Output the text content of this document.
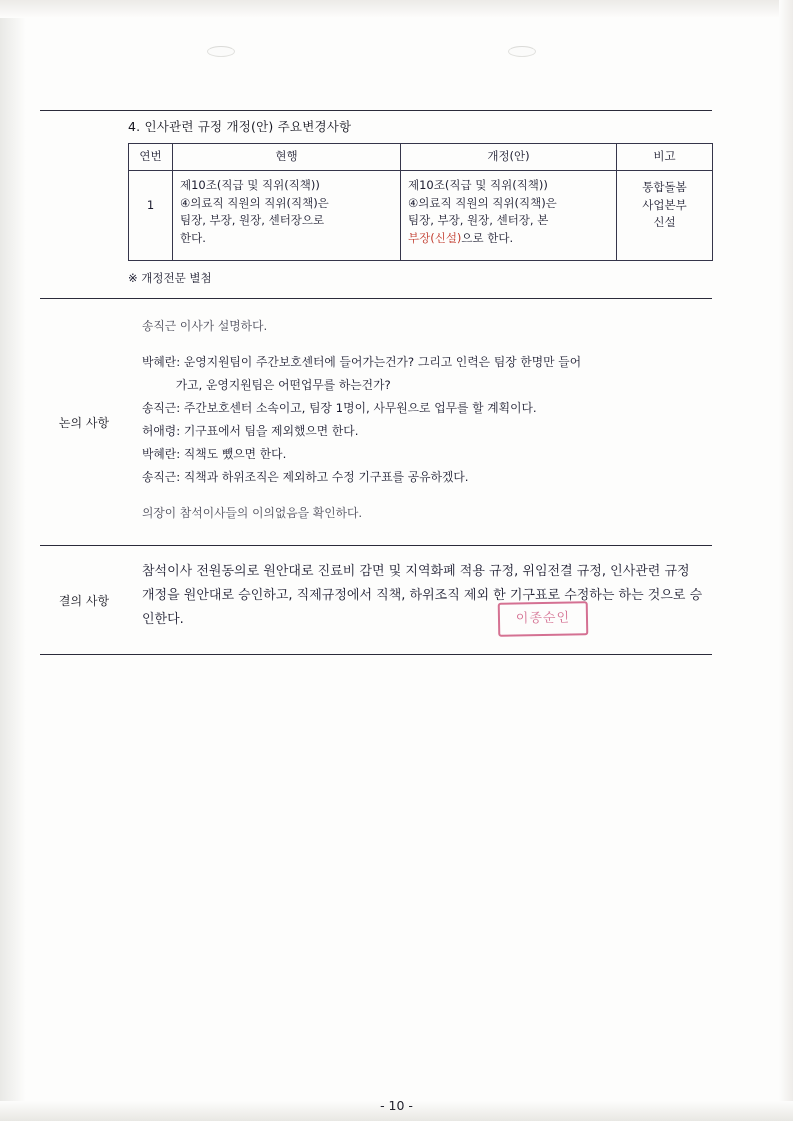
4. 인사관련 규정 개정(안) 주요변경사항
연번	현행	개정(안)	비고
1	제10조(직급 및 직위(직책))
④의료직 직원의 직위(직책)은
팀장, 부장, 원장, 센터장으로
한다.	제10조(직급 및 직위(직책))
④의료직 직원의 직위(직책)은
팀장, 부장, 원장, 센터장, 본
부장(신설)으로 한다.	통합돌봄
사업본부
신설
※ 개정전문 별첨
논의 사항
송직근 이사가 설명하다.
박혜란: 운영지원팀이 주간보호센터에 들어가는건가? 그리고 인력은 팀장 한명만 들어
가고, 운영지원팀은 어떤업무를 하는건가?
송직근: 주간보호센터 소속이고, 팀장 1명이, 사무원으로 업무를 할 계획이다.
허애령: 기구표에서 팀을 제외했으면 한다.
박혜란: 직책도 뺐으면 한다.
송직근: 직책과 하위조직은 제외하고 수정 기구표를 공유하겠다.
의장이 참석이사들의 이의없음을 확인하다.
결의 사항
참석이사 전원동의로 원안대로 진료비 감면 및 지역화폐 적용 규정, 위임전결 규정, 인사관련 규정 개정을 원안대로 승인하고, 직제규정에서 직책, 하위조직 제외 한 기구표로 수정하는 하는 것으로 승인한다.	이종순인
- 10 -
